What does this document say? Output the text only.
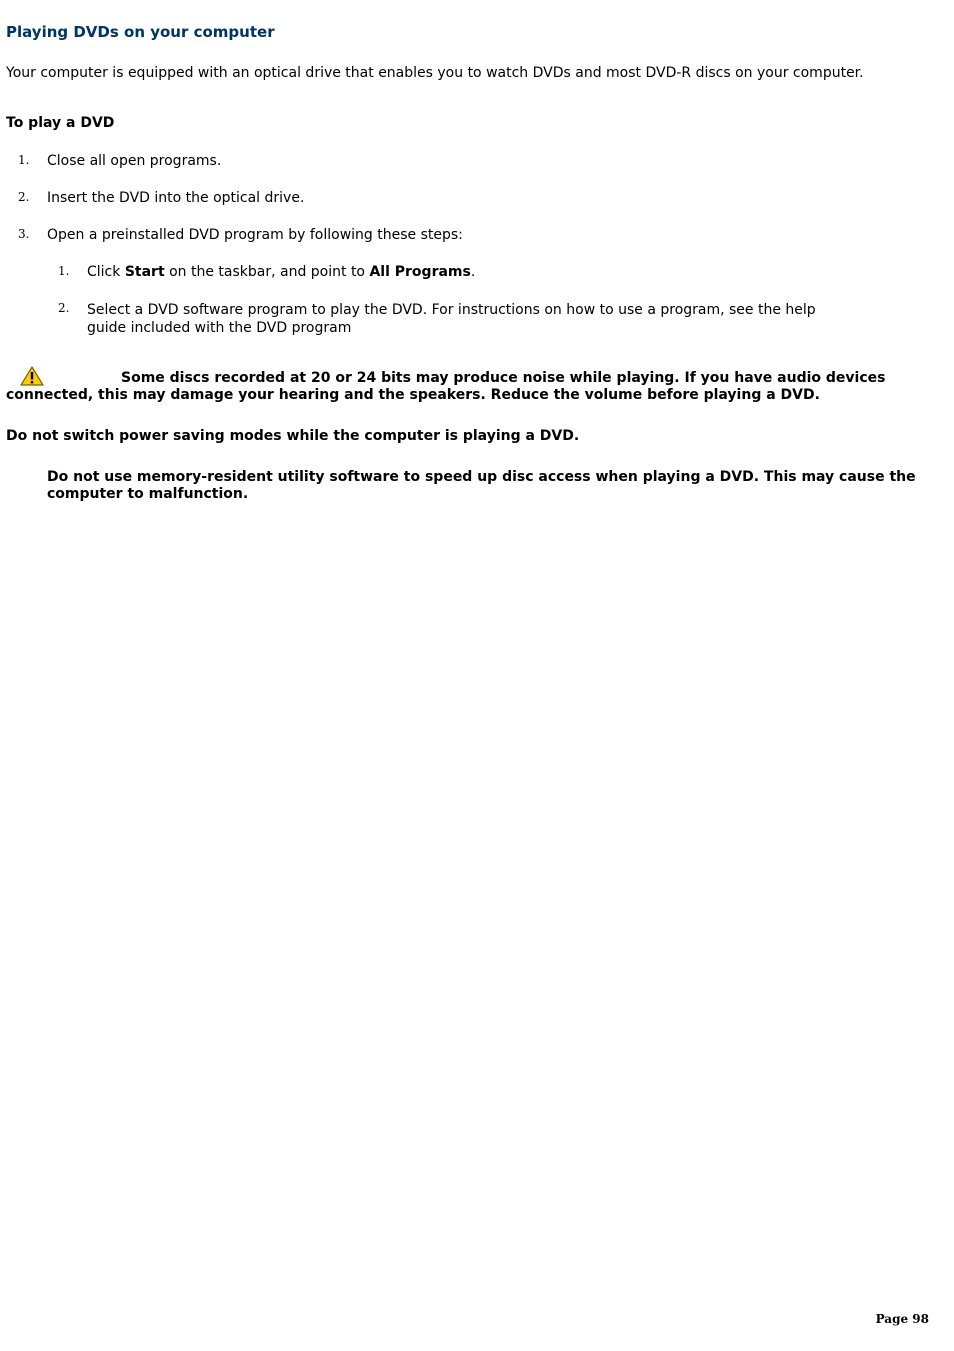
Playing DVDs on your computer

Your computer is equipped with an optical drive that enables you to watch DVDs and most DVD-R discs on your computer.

To play a DVD
1. Close all open programs.

2. Insert the DVD into the optical drive.

3. Open a preinstalled DVD program by following these steps:

1. Click Start on the taskbar, and point to All Programs.

2. Select a DVD software program to play the DVD. For instructions on how to use a program, see the help guide included with the DVD program

Some discs recorded at 20 or 24 bits may produce noise while playing. If you have audio devices connected, this may damage your hearing and the speakers. Reduce the volume before playing a DVD.

Do not switch power saving modes while the computer is playing a DVD.

Do not use memory-resident utility software to speed up disc access when playing a DVD. This may cause the computer to malfunction.

Page 98
